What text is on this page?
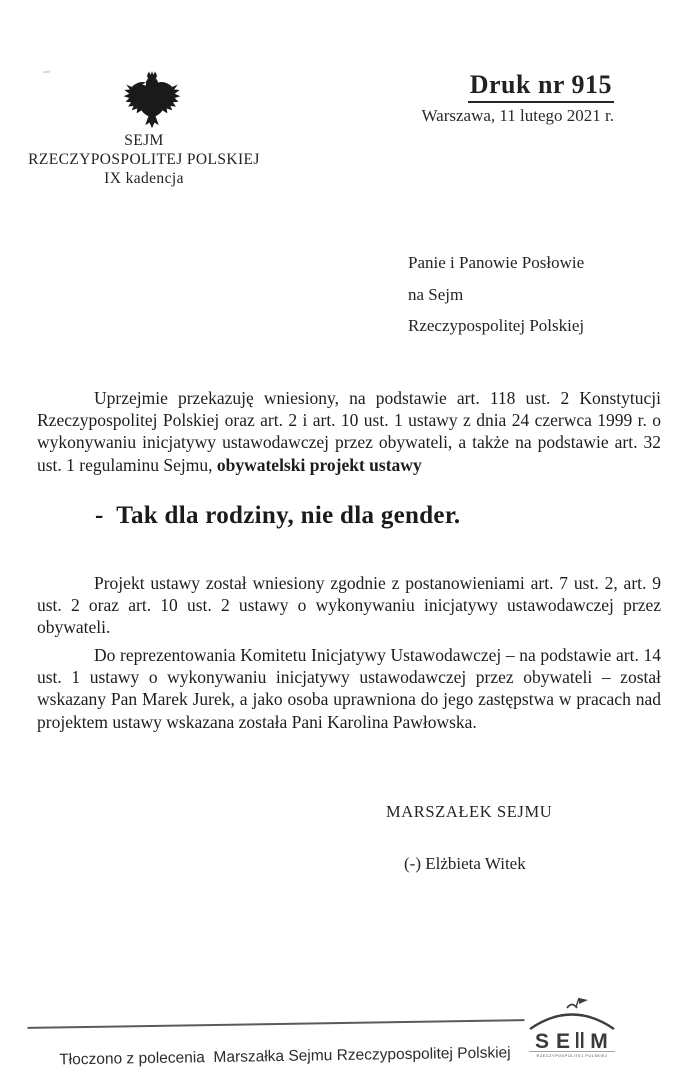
SEJM
RZECZYPOSPOLITEJ POLSKIEJ
IX kadencja
Druk nr 915
Warszawa, 11 lutego 2021 r.
Panie i Panowie Posłowie
na Sejm
Rzeczypospolitej Polskiej

Uprzejmie przekazuję wniesiony, na podstawie art. 118 ust. 2 Konstytucji Rzeczypospolitej Polskiej oraz art. 2 i art. 10 ust. 1 ustawy z dnia 24 czerwca 1999 r. o wykonywaniu inicjatywy ustawodawczej przez obywateli, a także na podstawie art. 32 ust. 1 regulaminu Sejmu, obywatelski projekt ustawy

-  Tak dla rodziny, nie dla gender.

Projekt ustawy został wniesiony zgodnie z postanowieniami art. 7 ust. 2, art. 9 ust. 2 oraz art. 10 ust. 2 ustawy o wykonywaniu inicjatywy ustawodawczej przez obywateli.

Do reprezentowania Komitetu Inicjatywy Ustawodawczej – na podstawie art. 14 ust. 1 ustawy o wykonywaniu inicjatywy ustawodawczej przez obywateli – został wskazany Pan Marek Jurek, a jako osoba uprawniona do jego zastępstwa w pracach nad projektem ustawy wskazana została Pani Karolina Pawłowska.

MARSZAŁEK SEJMU
(-) Elżbieta Witek

Tłoczono z polecenia  Marszałka Sejmu Rzeczypospolitej Polskiej

S E M
RZECZYPOSPOLITEJ POLSKIEJ
